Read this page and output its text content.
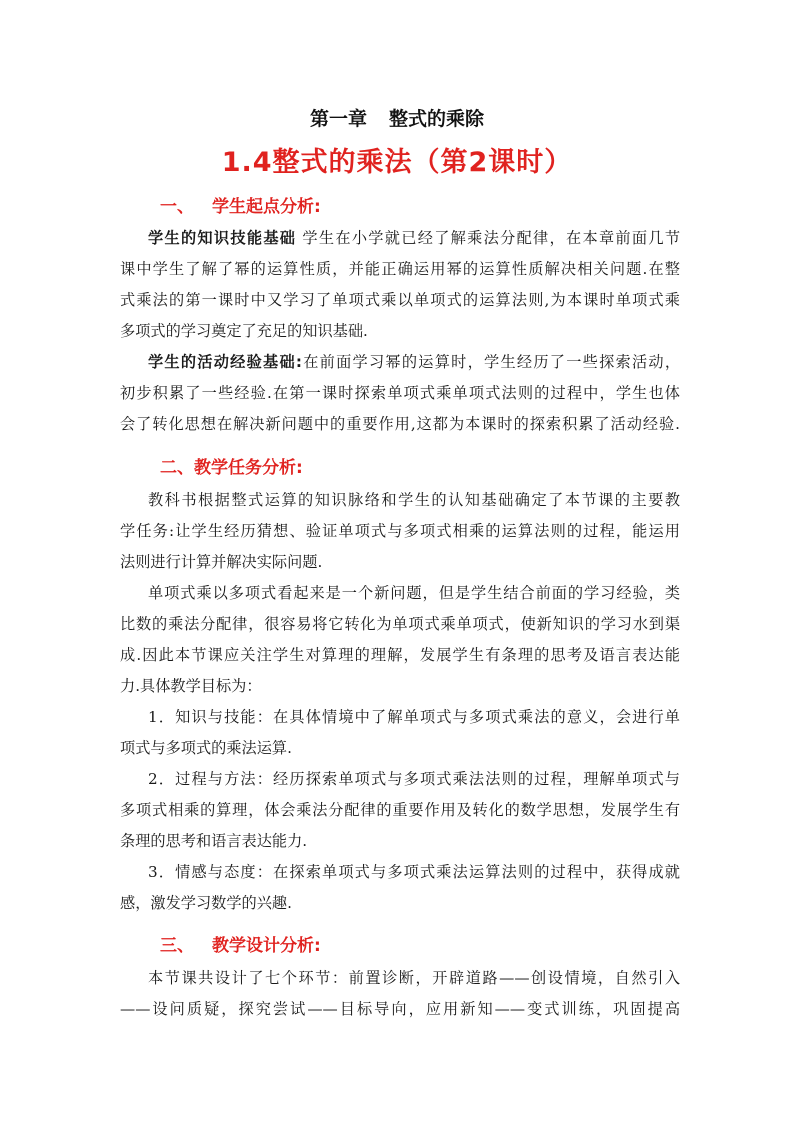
第一章 整式的乘除
1.4整式的乘法（第2课时）
一、 学生起点分析:
学生的知识技能基础 学生在小学就已经了解乘法分配律，在本章前面几节
课中学生了解了幂的运算性质，并能正确运用幂的运算性质解决相关问题.在整
式乘法的第一课时中又学习了单项式乘以单项式的运算法则,为本课时单项式乘
多项式的学习奠定了充足的知识基础.
学生的活动经验基础:在前面学习幂的运算时，学生经历了一些探索活动，
初步积累了一些经验.在第一课时探索单项式乘单项式法则的过程中，学生也体
会了转化思想在解决新问题中的重要作用,这都为本课时的探索积累了活动经验.
二、教学任务分析:
教科书根据整式运算的知识脉络和学生的认知基础确定了本节课的主要教
学任务:让学生经历猜想、验证单项式与多项式相乘的运算法则的过程，能运用
法则进行计算并解决实际问题.
单项式乘以多项式看起来是一个新问题，但是学生结合前面的学习经验，类
比数的乘法分配律，很容易将它转化为单项式乘单项式，使新知识的学习水到渠
成.因此本节课应关注学生对算理的理解，发展学生有条理的思考及语言表达能
力.具体教学目标为：
1．知识与技能：在具体情境中了解单项式与多项式乘法的意义，会进行单
项式与多项式的乘法运算.
2．过程与方法：经历探索单项式与多项式乘法法则的过程，理解单项式与
多项式相乘的算理，体会乘法分配律的重要作用及转化的数学思想，发展学生有
条理的思考和语言表达能力.
3．情感与态度：在探索单项式与多项式乘法运算法则的过程中，获得成就
感，激发学习数学的兴趣.
三、 教学设计分析:
本节课共设计了七个环节：前置诊断，开辟道路——创设情境，自然引入
——设问质疑，探究尝试——目标导向，应用新知——变式训练，巩固提高
